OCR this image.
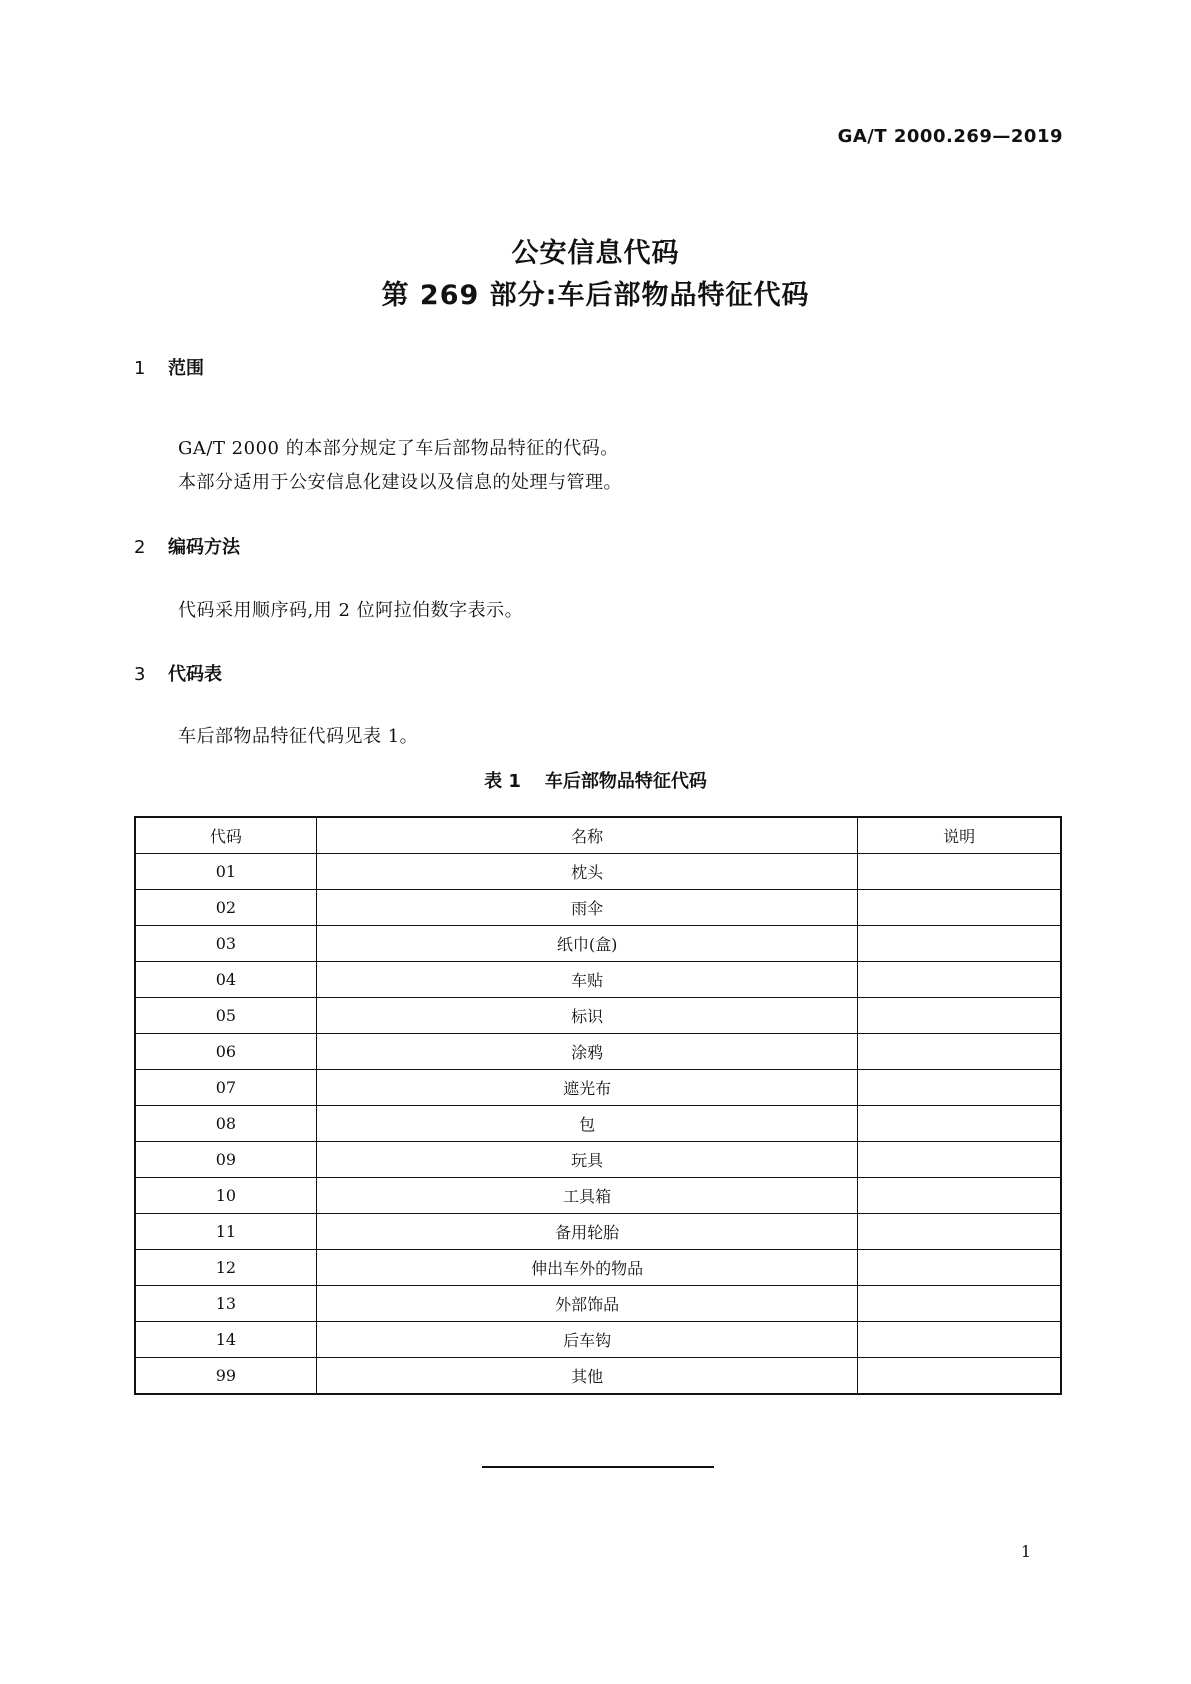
GA/T 2000.269—2019
公安信息代码
第 269 部分:车后部物品特征代码
1 范围
GA/T 2000 的本部分规定了车后部物品特征的代码。
本部分适用于公安信息化建设以及信息的处理与管理。
2 编码方法
代码采用顺序码,用 2 位阿拉伯数字表示。
3 代码表
车后部物品特征代码见表 1。
表 1 车后部物品特征代码
代码	名称	说明
01	枕头	
02	雨伞	
03	纸巾(盒)	
04	车贴	
05	标识	
06	涂鸦	
07	遮光布	
08	包	
09	玩具	
10	工具箱	
11	备用轮胎	
12	伸出车外的物品	
13	外部饰品	
14	后车钩	
99	其他	
1
